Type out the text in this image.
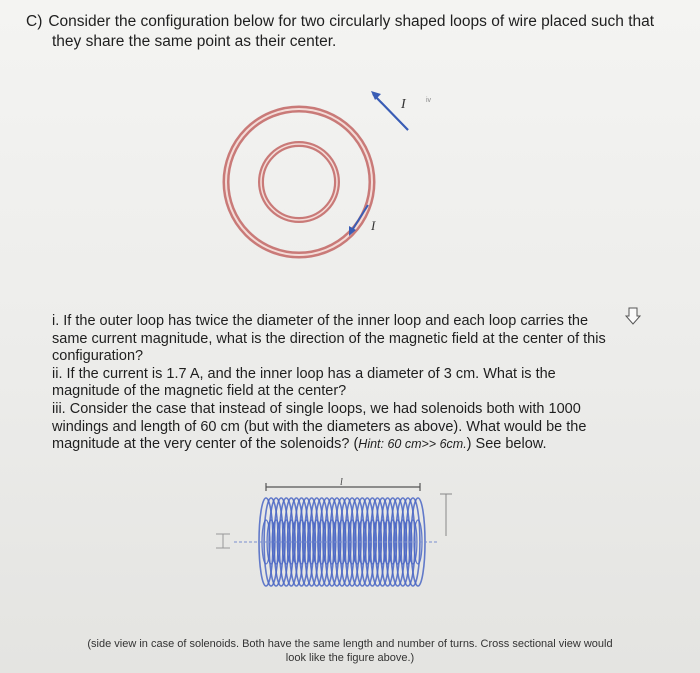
C) Consider the configuration below for two circularly shaped loops of wire placed such that
they share the same point as their center.
I	iv
I

i. If the outer loop has twice the diameter of the inner loop and each loop carries the
same current magnitude, what is the direction of the magnetic field at the center of this
configuration?

ii. If the current is 1.7 A, and the inner loop has a diameter of 3 cm. What is the
magnitude of the magnetic field at the center?

iii. Consider the case that instead of single loops, we had solenoids both with 1000
windings and length of 60 cm (but with the diameters as above). What would be the
magnitude at the very center of the solenoids? (Hint: 60 cm>> 6cm.) See below.

l
(side view in case of solenoids. Both have the same length and number of turns. Cross sectional view would
look like the figure above.)
